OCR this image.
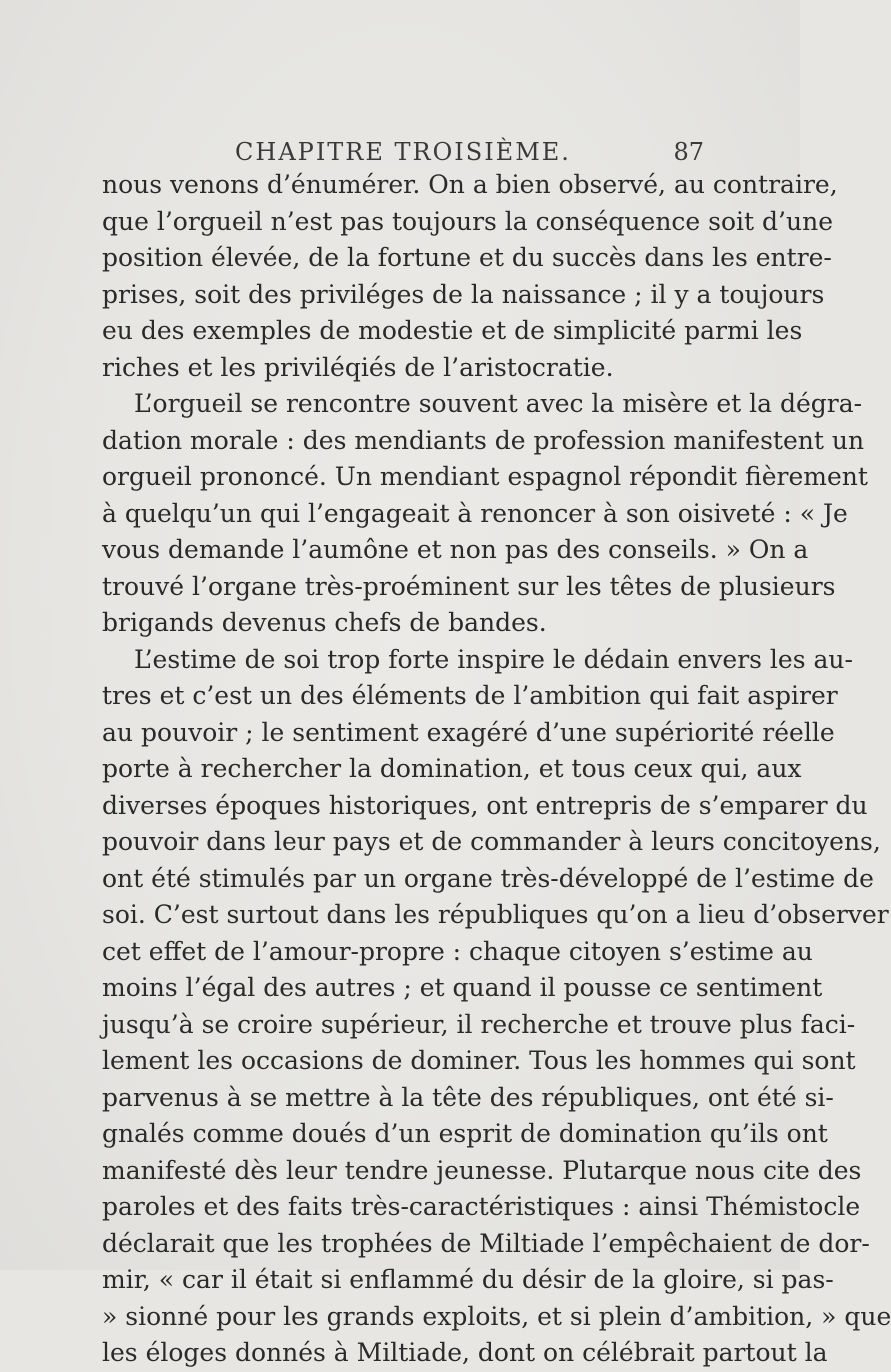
CHAPITRE TROISIÈME.	87
nous venons d’énumérer. On a bien observé, au contraire,
que l’orgueil n’est pas toujours la conséquence soit d’une
position élevée, de la fortune et du succès dans les entre-
prises, soit des priviléges de la naissance ; il y a toujours
eu des exemples de modestie et de simplicité parmi les
riches et les priviléqiés de l’aristocratie.
L’orgueil se rencontre souvent avec la misère et la dégra-
dation morale : des mendiants de profession manifestent un
orgueil prononcé. Un mendiant espagnol répondit fièrement
à quelqu’un qui l’engageait à renoncer à son oisiveté : « Je
vous demande l’aumône et non pas des conseils. » On a
trouvé l’organe très-proéminent sur les têtes de plusieurs
brigands devenus chefs de bandes.
L’estime de soi trop forte inspire le dédain envers les au-
tres et c’est un des éléments de l’ambition qui fait aspirer
au pouvoir ; le sentiment exagéré d’une supériorité réelle
porte à rechercher la domination, et tous ceux qui, aux
diverses époques historiques, ont entrepris de s’emparer du
pouvoir dans leur pays et de commander à leurs concitoyens,
ont été stimulés par un organe très-développé de l’estime de
soi. C’est surtout dans les républiques qu’on a lieu d’observer
cet effet de l’amour-propre : chaque citoyen s’estime au
moins l’égal des autres ; et quand il pousse ce sentiment
jusqu’à se croire supérieur, il recherche et trouve plus faci-
lement les occasions de dominer. Tous les hommes qui sont
parvenus à se mettre à la tête des républiques, ont été si-
gnalés comme doués d’un esprit de domination qu’ils ont
manifesté dès leur tendre jeunesse. Plutarque nous cite des
paroles et des faits très-caractéristiques : ainsi Thémistocle
déclarait que les trophées de Miltiade l’empêchaient de dor-
mir, « car il était si enflammé du désir de la gloire, si pas-
» sionné pour les grands exploits, et si plein d’ambition, » que
les éloges donnés à Miltiade, dont on célébrait partout la
